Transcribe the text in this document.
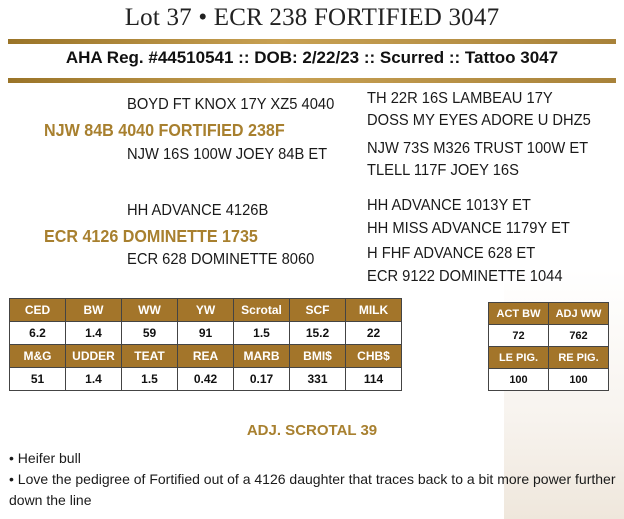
Lot 37 • ECR 238 FORTIFIED 3047
AHA Reg. #44510541 :: DOB: 2/22/23 :: Scurred :: Tattoo 3047
BOYD FT KNOX 17Y XZ5 4040
NJW 84B 4040 FORTIFIED 238F
NJW 16S 100W JOEY 84B ET
TH 22R 16S LAMBEAU 17Y
DOSS MY EYES ADORE U DHZ5
NJW 73S M326 TRUST 100W ET
TLELL 117F JOEY 16S
HH ADVANCE 4126B
ECR 4126 DOMINETTE 1735
ECR 628 DOMINETTE 8060
HH ADVANCE 1013Y ET
HH MISS ADVANCE 1179Y ET
H FHF ADVANCE 628 ET
ECR 9122 DOMINETTE 1044
CED	BW	WW	YW	Scrotal	SCF	MILK
6.2	1.4	59	91	1.5	15.2	22
M&G	UDDER	TEAT	REA	MARB	BMI$	CHB$
51	1.4	1.5	0.42	0.17	331	114
ACT BW	ADJ WW
72	762
LE PIG.	RE PIG.
100	100
ADJ. SCROTAL 39
• Heifer bull
• Love the pedigree of Fortified out of a 4126 daughter that traces back to a bit more power further down the line
